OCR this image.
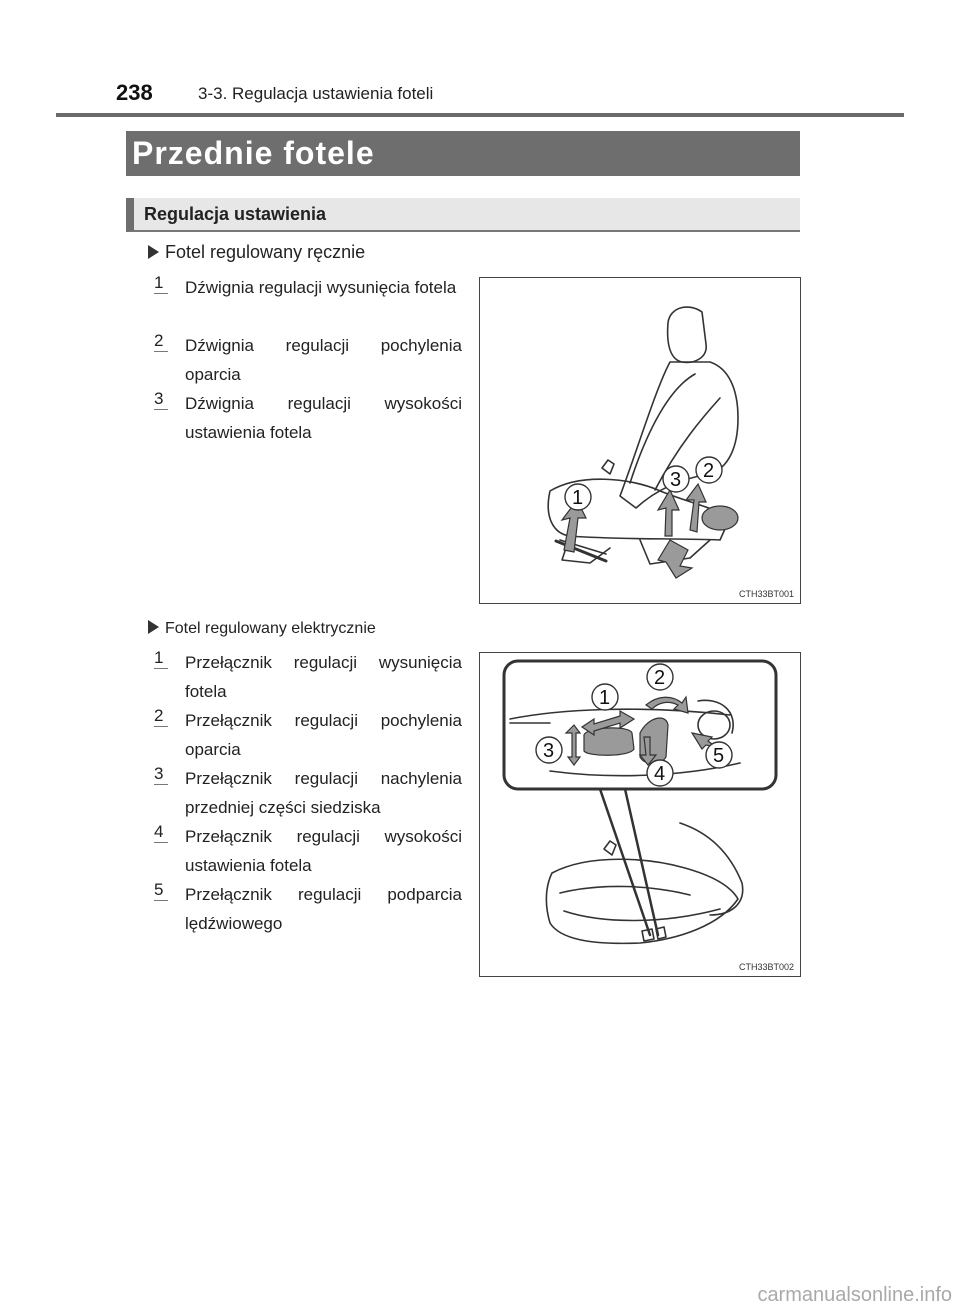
238	3-3. Regulacja ustawienia foteli
Przednie fotele
Regulacja ustawienia
Fotel regulowany ręcznie
1 Dźwignia regulacji wysunięcia fotela
2 Dźwignia regulacji pochylenia oparcia
3 Dźwignia regulacji wysokości ustawienia fotela
1
2
3
CTH33BT001
Fotel regulowany elektrycznie
1 Przełącznik regulacji wysunięcia fotela
2 Przełącznik regulacji pochylenia oparcia
3 Przełącznik regulacji nachylenia przedniej części siedziska
4 Przełącznik regulacji wysokości ustawienia fotela
5 Przełącznik regulacji podparcia lędźwiowego
1
2
3
4
5
CTH33BT002
carmanualsonline.info
